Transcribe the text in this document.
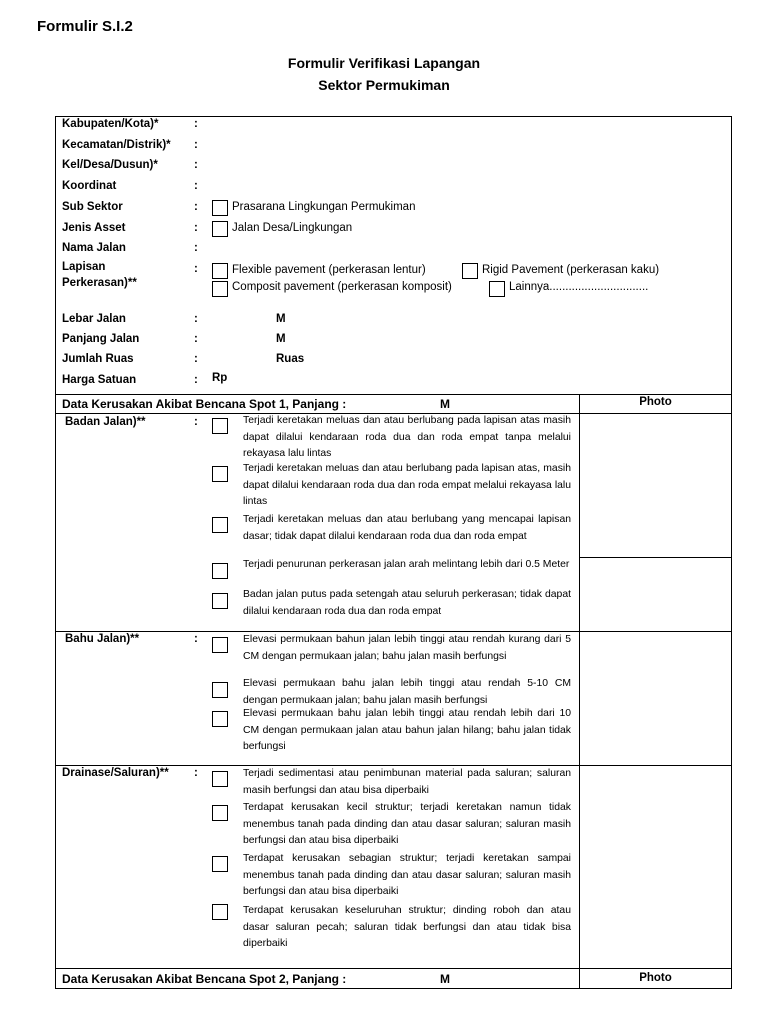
Formulir S.I.2
Formulir Verifikasi Lapangan
Sektor Permukiman
Kabupaten/Kota)*	:
Kecamatan/Distrik)* :
Kel/Desa/Dusun)*	:
Koordinat	:
Sub Sektor	:	Prasarana Lingkungan Permukiman
Jenis Asset	:	Jalan Desa/Lingkungan
Nama Jalan	:
Lapisan
Perkerasan)**
:	Flexible pavement (perkerasan lentur)	Rigid Pavement (perkerasan kaku)
Composit pavement (perkerasan komposit)	Lainnya...............................
Lebar Jalan	:	M
Panjang Jalan	:	M
Jumlah Ruas	:	Ruas
Harga Satuan	: Rp
Data Kerusakan Akibat Bencana Spot 1, Panjang :	M	Photo
Badan Jalan)**	:	Terjadi keretakan meluas dan atau berlubang pada lapisan atas masih dapat dilalui kendaraan roda dua dan roda empat tanpa melalui rekayasa lalu lintas
Terjadi keretakan meluas dan atau berlubang pada lapisan atas, masih dapat dilalui kendaraan roda dua dan roda empat melalui rekayasa lalu lintas
Terjadi keretakan meluas dan atau berlubang yang mencapai lapisan dasar; tidak dapat dilalui kendaraan roda dua dan roda empat
Terjadi penurunan perkerasan jalan arah melintang lebih dari 0.5 Meter
Badan jalan putus pada setengah atau seluruh perkerasan; tidak dapat dilalui kendaraan roda dua dan roda empat
Bahu Jalan)**	:	Elevasi permukaan bahun jalan lebih tinggi atau rendah kurang dari 5 CM dengan permukaan jalan; bahu jalan masih berfungsi
Elevasi permukaan bahu jalan lebih tinggi atau rendah 5-10 CM dengan permukaan jalan; bahu jalan masih berfungsi
Elevasi permukaan bahu jalan lebih tinggi atau rendah lebih dari 10 CM dengan permukaan jalan atau bahun jalan hilang; bahu jalan tidak berfungsi
Drainase/Saluran)** :	Terjadi sedimentasi atau penimbunan material pada saluran; saluran masih berfungsi dan atau bisa diperbaiki
Terdapat kerusakan kecil struktur; terjadi keretakan namun tidak menembus tanah pada dinding dan atau dasar saluran; saluran masih berfungsi dan atau bisa diperbaiki
Terdapat kerusakan sebagian struktur; terjadi keretakan sampai menembus tanah pada dinding dan atau dasar saluran; saluran masih berfungsi dan atau bisa diperbaiki
Terdapat kerusakan keseluruhan struktur; dinding roboh dan atau dasar saluran pecah; saluran tidak berfungsi dan atau tidak bisa diperbaiki
Data Kerusakan Akibat Bencana Spot 2, Panjang :	M	Photo
